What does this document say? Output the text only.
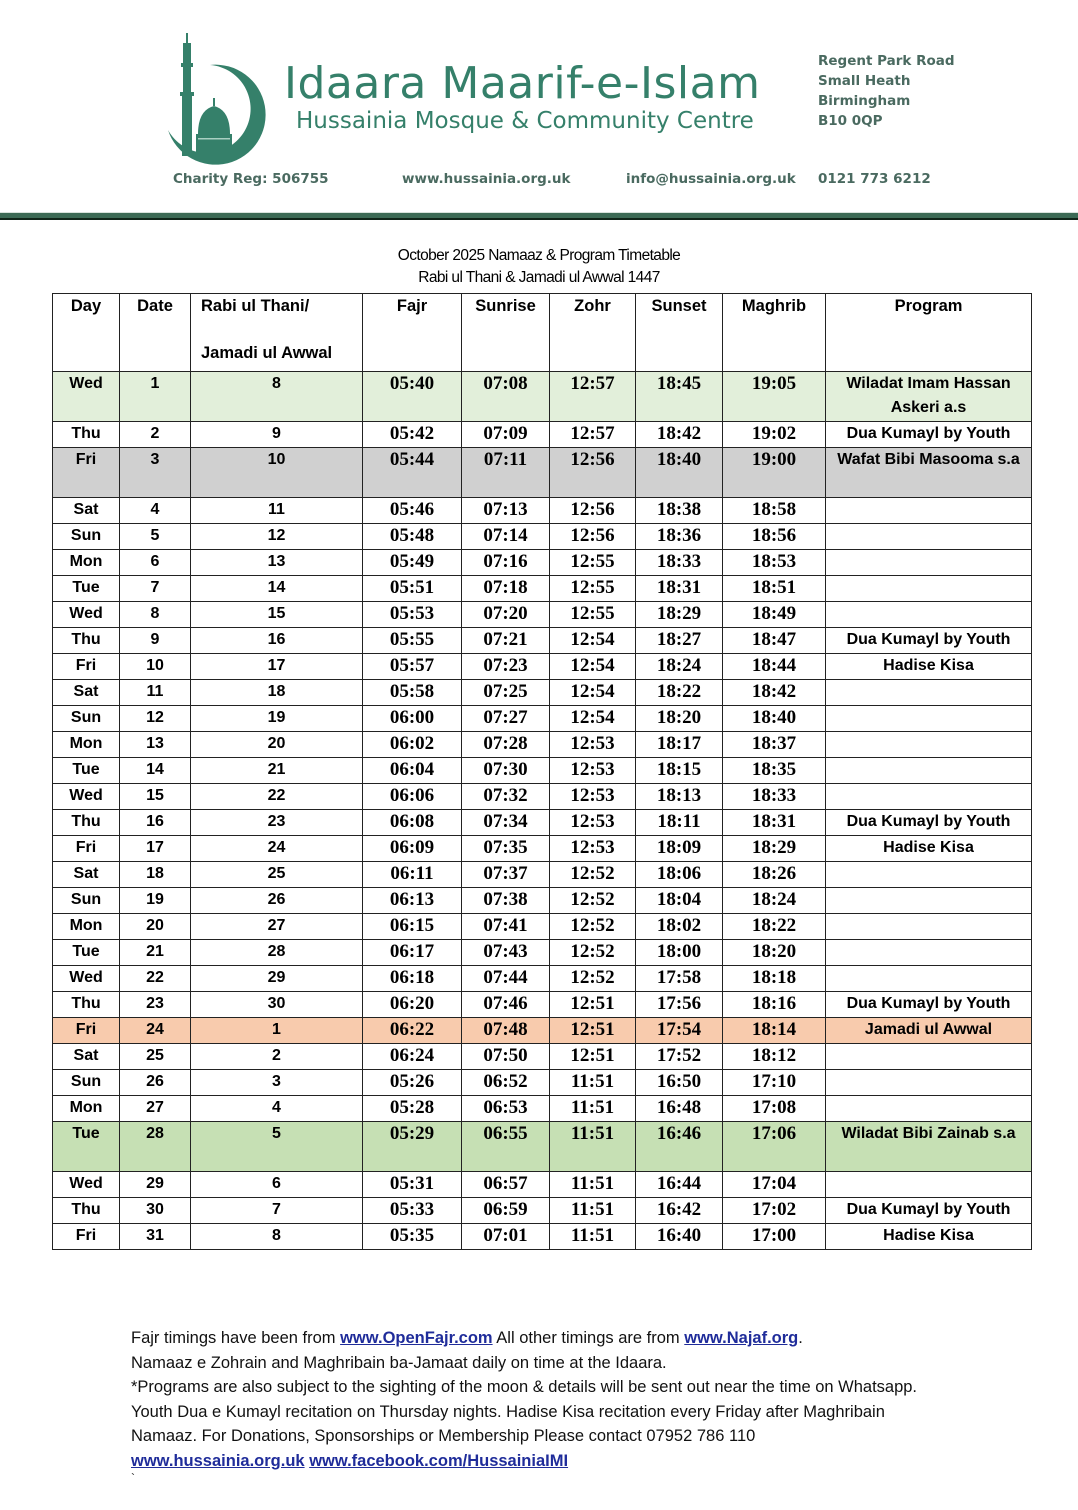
Idaara Maarif-e-Islam
Hussainia Mosque & Community Centre
Regent Park Road
Small Heath
Birmingham
B10 0QP
Charity Reg: 506755	www.hussainia.org.uk	info@hussainia.org.uk 0121 773 6212
October 2025 Namaaz & Program Timetable
Rabi ul Thani & Jamadi ul Awwal 1447
Day	Date	Rabi ul Thani/
Jamadi ul Awwal	Fajr	Sunrise	Zohr	Sunset	Maghrib	Program
Wed	1	8	05:40	07:08	12:57	18:45	19:05	Wiladat Imam Hassan Askeri a.s
Thu	2	9	05:42	07:09	12:57	18:42	19:02	Dua Kumayl by Youth
Fri	3	10	05:44	07:11	12:56	18:40	19:00	Wafat Bibi Masooma s.a
Sat	4	11	05:46	07:13	12:56	18:38	18:58	
Sun	5	12	05:48	07:14	12:56	18:36	18:56	
Mon	6	13	05:49	07:16	12:55	18:33	18:53	
Tue	7	14	05:51	07:18	12:55	18:31	18:51	
Wed	8	15	05:53	07:20	12:55	18:29	18:49	
Thu	9	16	05:55	07:21	12:54	18:27	18:47	Dua Kumayl by Youth
Fri	10	17	05:57	07:23	12:54	18:24	18:44	Hadise Kisa
Sat	11	18	05:58	07:25	12:54	18:22	18:42	
Sun	12	19	06:00	07:27	12:54	18:20	18:40	
Mon	13	20	06:02	07:28	12:53	18:17	18:37	
Tue	14	21	06:04	07:30	12:53	18:15	18:35	
Wed	15	22	06:06	07:32	12:53	18:13	18:33	
Thu	16	23	06:08	07:34	12:53	18:11	18:31	Dua Kumayl by Youth
Fri	17	24	06:09	07:35	12:53	18:09	18:29	Hadise Kisa
Sat	18	25	06:11	07:37	12:52	18:06	18:26	
Sun	19	26	06:13	07:38	12:52	18:04	18:24	
Mon	20	27	06:15	07:41	12:52	18:02	18:22	
Tue	21	28	06:17	07:43	12:52	18:00	18:20	
Wed	22	29	06:18	07:44	12:52	17:58	18:18	
Thu	23	30	06:20	07:46	12:51	17:56	18:16	Dua Kumayl by Youth
Fri	24	1	06:22	07:48	12:51	17:54	18:14	Jamadi ul Awwal
Sat	25	2	06:24	07:50	12:51	17:52	18:12	
Sun	26	3	05:26	06:52	11:51	16:50	17:10	
Mon	27	4	05:28	06:53	11:51	16:48	17:08	
Tue	28	5	05:29	06:55	11:51	16:46	17:06	Wiladat Bibi Zainab s.a
Wed	29	6	05:31	06:57	11:51	16:44	17:04	
Thu	30	7	05:33	06:59	11:51	16:42	17:02	Dua Kumayl by Youth
Fri	31	8	05:35	07:01	11:51	16:40	17:00	Hadise Kisa
Fajr timings have been from www.OpenFajr.com All other timings are from www.Najaf.org.
Namaaz e Zohrain and Maghribain ba-Jamaat daily on time at the Idaara.
*Programs are also subject to the sighting of the moon & details will be sent out near the time on Whatsapp.
Youth Dua e Kumayl recitation on Thursday nights. Hadise Kisa recitation every Friday after Maghribain Namaaz. For Donations, Sponsorships or Membership Please contact 07952 786 110
www.hussainia.org.uk www.facebook.com/HussainiaIMI
`
